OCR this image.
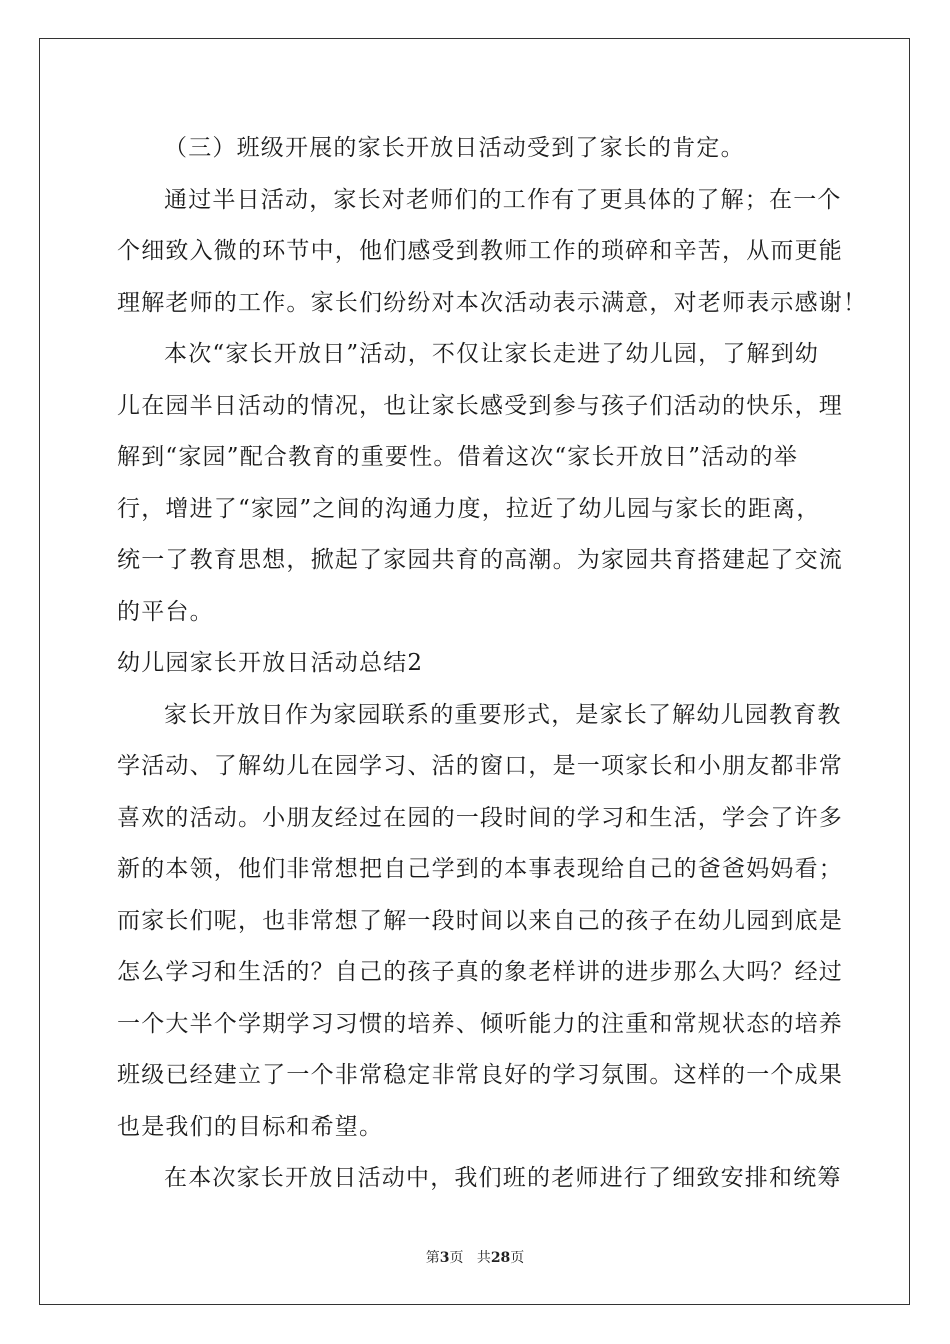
（三）班级开展的家长开放日活动受到了家长的肯定。
通过半日活动，家长对老师们的工作有了更具体的了解；在一个
个细致入微的环节中，他们感受到教师工作的琐碎和辛苦，从而更能
理解老师的工作。家长们纷纷对本次活动表示满意，对老师表示感谢！
本次“家长开放日”活动，不仅让家长走进了幼儿园，了解到幼
儿在园半日活动的情况，也让家长感受到参与孩子们活动的快乐，理
解到“家园”配合教育的重要性。借着这次“家长开放日”活动的举
行，增进了“家园”之间的沟通力度，拉近了幼儿园与家长的距离，
统一了教育思想，掀起了家园共育的高潮。为家园共育搭建起了交流
的平台。
幼儿园家长开放日活动总结2
家长开放日作为家园联系的重要形式，是家长了解幼儿园教育教
学活动、了解幼儿在园学习、活的窗口，是一项家长和小朋友都非常
喜欢的活动。小朋友经过在园的一段时间的学习和生活，学会了许多
新的本领，他们非常想把自己学到的本事表现给自己的爸爸妈妈看；
而家长们呢，也非常想了解一段时间以来自己的孩子在幼儿园到底是
怎么学习和生活的？自己的孩子真的象老样讲的进步那么大吗？经过
一个大半个学期学习习惯的培养、倾听能力的注重和常规状态的培养
班级已经建立了一个非常稳定非常良好的学习氛围。这样的一个成果
也是我们的目标和希望。
在本次家长开放日活动中，我们班的老师进行了细致安排和统筹
第3页 共28页
